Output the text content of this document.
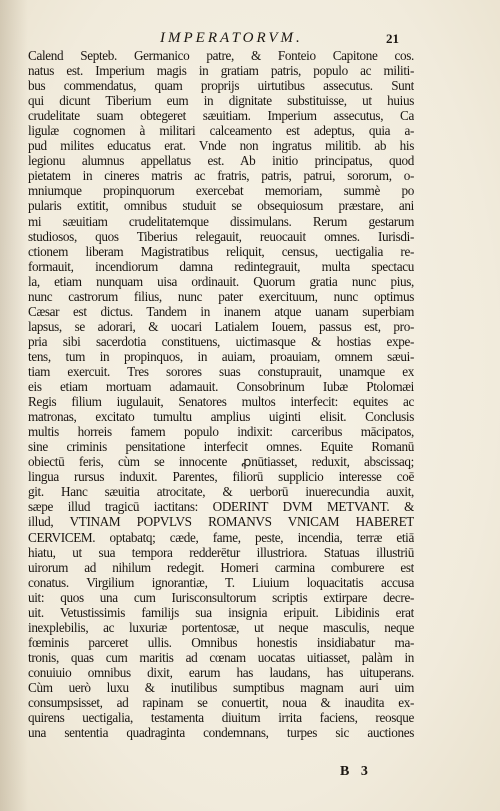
IMPERATORVM.	21
Calend Septeb. Germanico patre, & Fonteio Capitone cos.
natus est. Imperium magis in gratiam patris, populo ac militi-
bus commendatus, quam proprijs uirtutibus assecutus. Sunt
qui dicunt Tiberium eum in dignitate substituisse, ut huius
crudelitate suam obtegeret sæuitiam. Imperium assecutus, Ca
ligulæ cognomen à militari calceamento est adeptus, quia a-
pud milites educatus erat. Vnde non ingratus militib. ab his
legionu alumnus appellatus est. Ab initio principatus, quod
pietatem in cineres matris ac fratris, patris, patrui, sororum, o-
mniumque propinquorum exercebat memoriam, summè po
pularis extitit, omnibus studuit se obsequiosum præstare, ani
mi sæuitiam crudelitatemque dissimulans. Rerum gestarum
studiosos, quos Tiberius relegauit, reuocauit omnes. Iurisdi-
ctionem liberam Magistratibus reliquit, census, uectigalia re-
formauit, incendiorum damna redintegrauit, multa spectacu
la, etiam nunquam uisa ordinauit. Quorum gratia nunc pius,
nunc castrorum filius, nunc pater exercituum, nunc optimus
Cæsar est dictus. Tandem in inanem atque uanam superbiam
lapsus, se adorari, & uocari Latialem Iouem, passus est, pro-
pria sibi sacerdotia constituens, uictimasque & hostias expe-
tens, tum in propinquos, in auiam, proauiam, omnem sæui-
tiam exercuit. Tres sorores suas constuprauit, unamque ex
eis etiam mortuam adamauit. Consobrinum Iubæ Ptolomæi
Regis filium iugulauit, Senatores multos interfecit: equites ac
matronas, excitato tumultu amplius uiginti elisit. Conclusis
multis horreis famem populo indixit: carceribus mācipatos,
sine criminis pensitatione interfecit omnes. Equite Romanū
obiectū feris, cùm se innocente ꝓnūtiasset, reduxit, abscissaq;
lingua rursus induxit. Parentes, filiorū supplicio interesse coē
git. Hanc sæuitia atrocitate, & uerborū inuerecundia auxit,
sæpe illud tragicū iactitans: ODERINT DVM METVANT. &
illud, VTINAM POPVLVS ROMANVS VNICAM HABERET
CERVICEM. optabatq; cæde, fame, peste, incendia, terræ etiā
hiatu, ut sua tempora redderētur illustriora. Statuas illustriū
uirorum ad nihilum redegit. Homeri carmina comburere est
conatus. Virgilium ignorantiæ, T. Liuium loquacitatis accusa
uit: quos una cum Iurisconsultorum scriptis extirpare decre-
uit. Vetustissimis familijs sua insignia eripuit. Libidinis erat
inexplebilis, ac luxuriæ portentosæ, ut neque masculis, neque
fœminis parceret ullis. Omnibus honestis insidiabatur ma-
tronis, quas cum maritis ad cœnam uocatas uitiasset, palàm in
conuiuio omnibus dixit, earum has laudans, has uituperans.
Cùm uerò luxu & inutilibus sumptibus magnam auri uim
consumpsisset, ad rapinam se conuertit, noua & inaudita ex-
quirens uectigalia, testamenta diuitum irrita faciens, reosque
una sententia quadraginta condemnans, turpes sic auctiones
B 3
